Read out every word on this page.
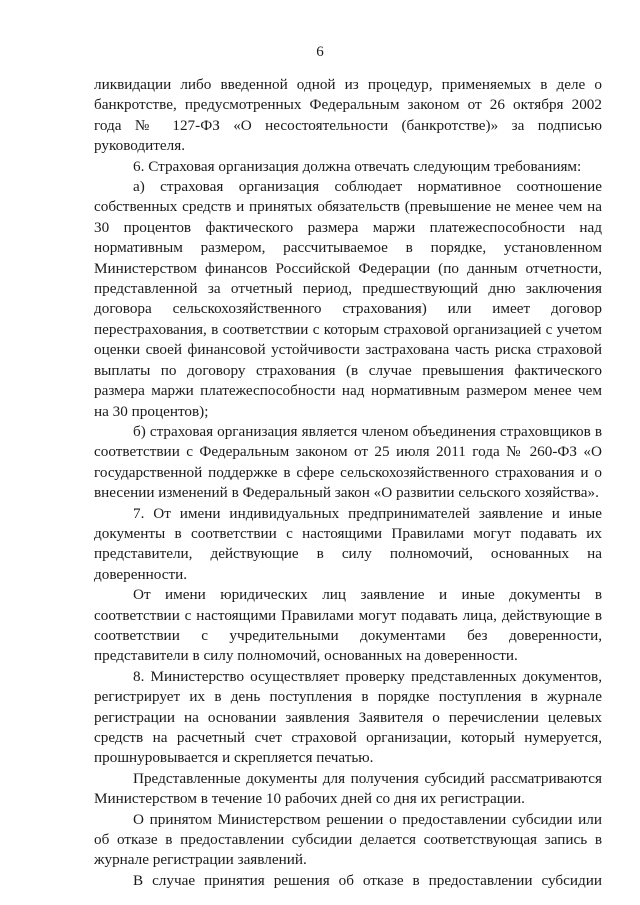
6

ликвидации либо введенной одной из процедур, применяемых в деле о банкротстве, предусмотренных Федеральным законом от 26 октября 2002 года № 127-ФЗ «О несостоятельности (банкротстве)» за подписью руководителя.

6. Страховая организация должна отвечать следующим требованиям:

а) страховая организация соблюдает нормативное соотношение собственных средств и принятых обязательств (превышение не менее чем на 30 процентов фактического размера маржи платежеспособности над нормативным размером, рассчитываемое в порядке, установленном Министерством финансов Российской Федерации (по данным отчетности, представленной за отчетный период, предшествующий дню заключения договора сельскохозяйственного страхования) или имеет договор перестрахования, в соответствии с которым страховой организацией с учетом оценки своей финансовой устойчивости застрахована часть риска страховой выплаты по договору страхования (в случае превышения фактического размера маржи платежеспособности над нормативным размером менее чем на 30 процентов);

б) страховая организация является членом объединения страховщиков в соответствии с Федеральным законом от 25 июля 2011 года № 260-ФЗ «О государственной поддержке в сфере сельскохозяйственного страхования и о внесении изменений в Федеральный закон «О развитии сельского хозяйства».

7. От имени индивидуальных предпринимателей заявление и иные документы в соответствии с настоящими Правилами могут подавать их представители, действующие в силу полномочий, основанных на доверенности.

От имени юридических лиц заявление и иные документы в соответствии с настоящими Правилами могут подавать лица, действующие в соответствии с учредительными документами без доверенности, представители в силу полномочий, основанных на доверенности.

8. Министерство осуществляет проверку представленных документов, регистрирует их в день поступления в порядке поступления в журнале регистрации на основании заявления Заявителя о перечислении целевых средств на расчетный счет страховой организации, который нумеруется, прошнуровывается и скрепляется печатью.

Представленные документы для получения субсидий рассматриваются Министерством в течение 10 рабочих дней со дня их регистрации.

О принятом Министерством решении о предоставлении субсидии или об отказе в предоставлении субсидии делается соответствующая запись в журнале регистрации заявлений.

В случае принятия решения об отказе в предоставлении субсидии
